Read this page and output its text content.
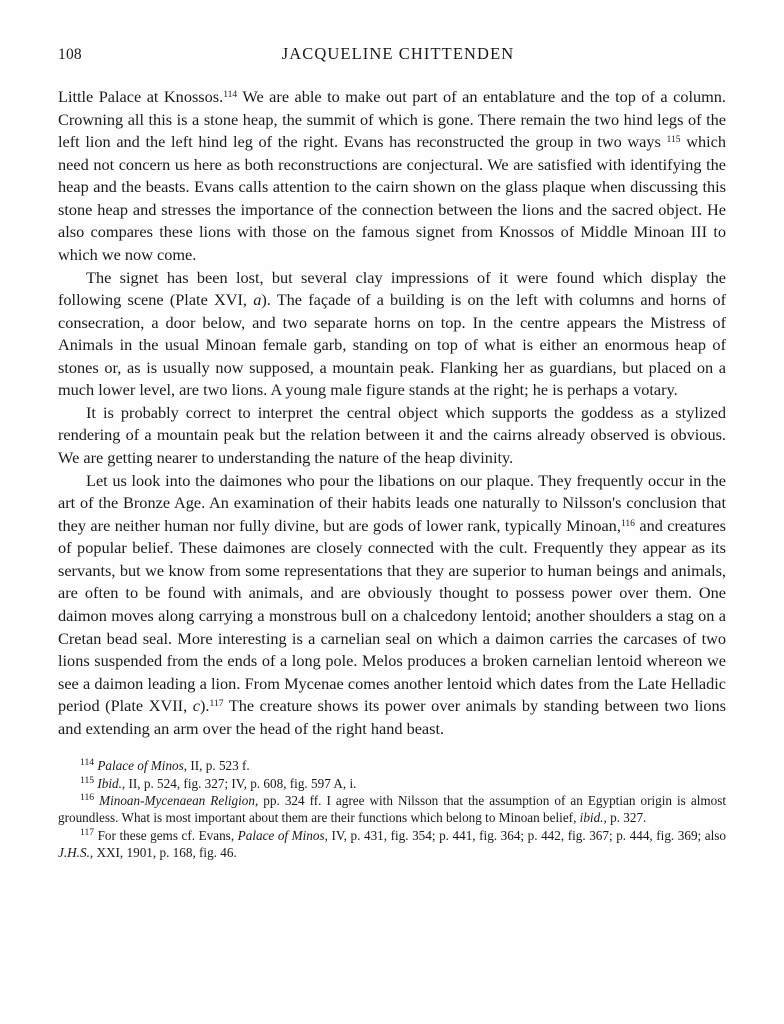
108	JACQUELINE CHITTENDEN

Little Palace at Knossos.$^{114}$ We are able to make out part of an entablature and the top of a column. Crowning all this is a stone heap, the summit of which is gone. There remain the two hind legs of the left lion and the left hind leg of the right. Evans has reconstructed the group in two ways $^{115}$ which need not concern us here as both reconstructions are conjectural. We are satisfied with identifying the heap and the beasts. Evans calls attention to the cairn shown on the glass plaque when discussing this stone heap and stresses the importance of the connection between the lions and the sacred object. He also compares these lions with those on the famous signet from Knossos of Middle Minoan III to which we now come.

The signet has been lost, but several clay impressions of it were found which display the following scene (Plate XVI, a). The façade of a building is on the left with columns and horns of consecration, a door below, and two separate horns on top. In the centre appears the Mistress of Animals in the usual Minoan female garb, standing on top of what is either an enormous heap of stones or, as is usually now supposed, a mountain peak. Flanking her as guardians, but placed on a much lower level, are two lions. A young male figure stands at the right; he is perhaps a votary.

It is probably correct to interpret the central object which supports the goddess as a stylized rendering of a mountain peak but the relation between it and the cairns already observed is obvious. We are getting nearer to understanding the nature of the heap divinity.

Let us look into the daimones who pour the libations on our plaque. They frequently occur in the art of the Bronze Age. An examination of their habits leads one naturally to Nilsson's conclusion that they are neither human nor fully divine, but are gods of lower rank, typically Minoan,$^{116}$ and creatures of popular belief. These daimones are closely connected with the cult. Frequently they appear as its servants, but we know from some representations that they are superior to human beings and animals, are often to be found with animals, and are obviously thought to possess power over them. One daimon moves along carrying a monstrous bull on a chalcedony lentoid; another shoulders a stag on a Cretan bead seal. More interesting is a carnelian seal on which a daimon carries the carcases of two lions suspended from the ends of a long pole. Melos produces a broken carnelian lentoid whereon we see a daimon leading a lion. From Mycenae comes another lentoid which dates from the Late Helladic period (Plate XVII, c).$^{117}$ The creature shows its power over animals by standing between two lions and extending an arm over the head of the right hand beast.

$^{114}$ Palace of Minos, II, p. 523 f.

$^{115}$ Ibid., II, p. 524, fig. 327; IV, p. 608, fig. 597 A, i.

$^{116}$ Minoan-Mycenaean Religion, pp. 324 ff. I agree with Nilsson that the assumption of an Egyptian origin is almost groundless. What is most important about them are their functions which belong to Minoan belief, ibid., p. 327.

$^{117}$ For these gems cf. Evans, Palace of Minos, IV, p. 431, fig. 354; p. 441, fig. 364; p. 442, fig. 367; p. 444, fig. 369; also J.H.S., XXI, 1901, p. 168, fig. 46.
